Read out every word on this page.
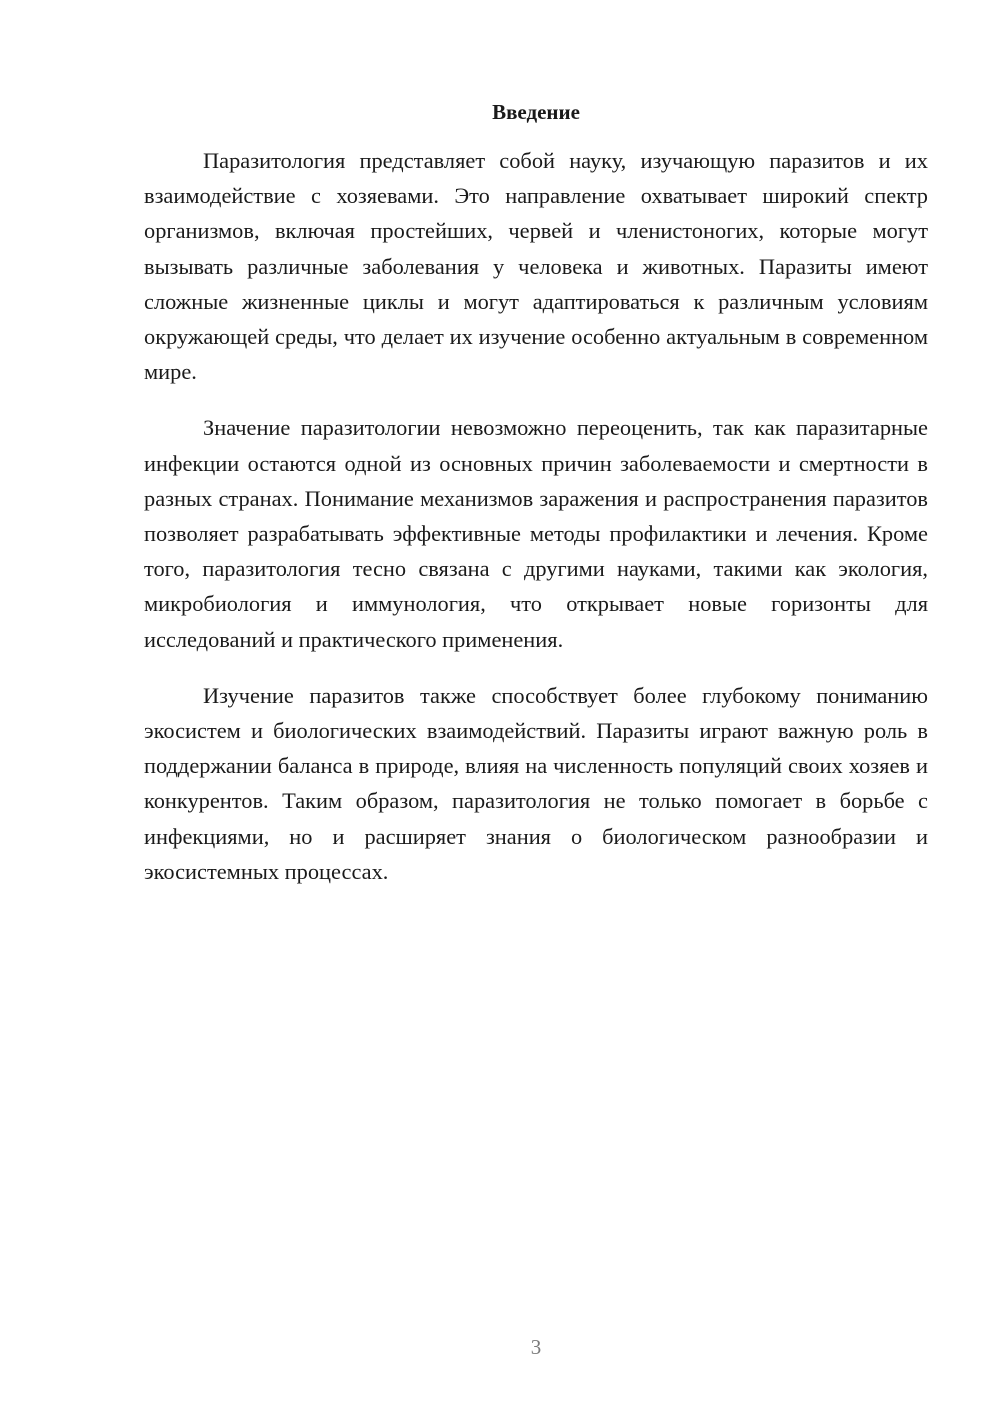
Введение

Паразитология представляет собой науку, изучающую паразитов и их взаимодействие с хозяевами. Это направление охватывает широкий спектр организмов, включая простейших, червей и членистоногих, которые могут вызывать различные заболевания у человека и животных. Паразиты имеют сложные жизненные циклы и могут адаптироваться к различным условиям окружающей среды, что делает их изучение особенно актуальным в современном мире.

Значение паразитологии невозможно переоценить, так как паразитарные инфекции остаются одной из основных причин заболеваемости и смертности в разных странах. Понимание механизмов заражения и распространения паразитов позволяет разрабатывать эффективные методы профилактики и лечения. Кроме того, паразитология тесно связана с другими науками, такими как экология, микробиология и иммунология, что открывает новые горизонты для исследований и практического применения.

Изучение паразитов также способствует более глубокому пониманию экосистем и биологических взаимодействий. Паразиты играют важную роль в поддержании баланса в природе, влияя на численность популяций своих хозяев и конкурентов. Таким образом, паразитология не только помогает в борьбе с инфекциями, но и расширяет знания о биологическом разнообразии и экосистемных процессах.

3
